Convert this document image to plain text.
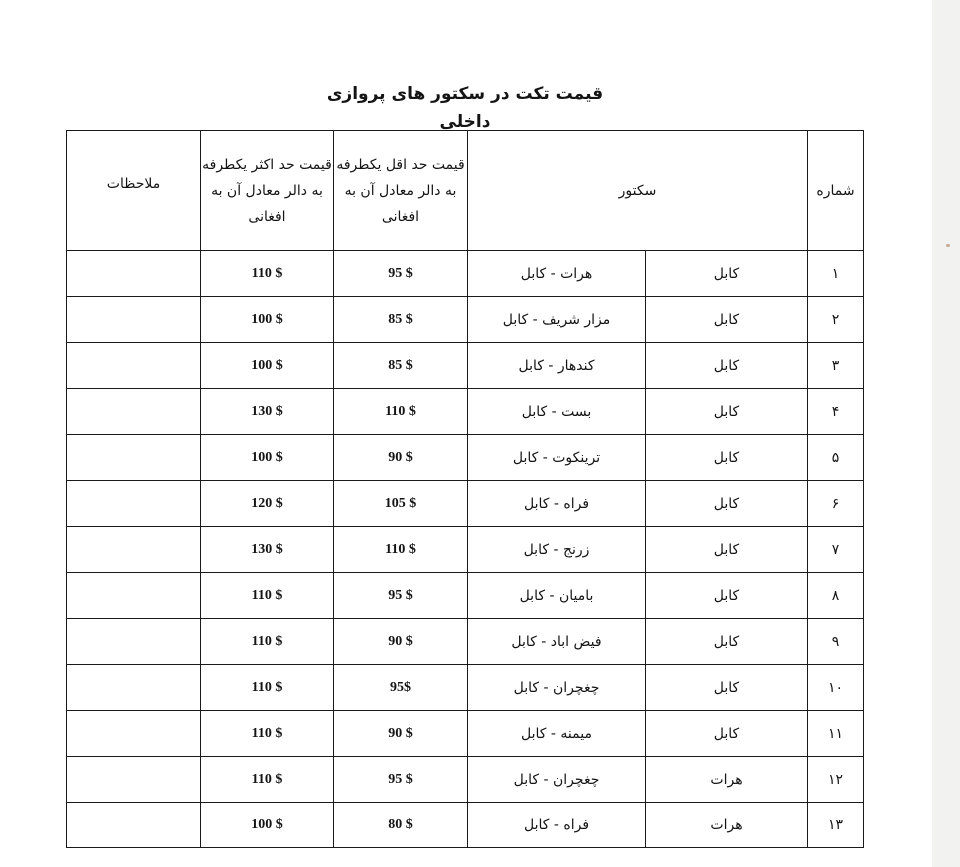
قیمت تکت در سکتور های پروازی داخلی
شماره	سکتور		قیمت حد اقل یکطرفه به دالر معادل آن به افغانی	قیمت حد اکثر یکطرفه به دالر معادل آن به افغانی	ملاحظات

۱	کابل	هرات - کابل	95 $	110 $	
۲	کابل	مزار شریف - کابل	85 $	100 $	
۳	کابل	کندهار - کابل	85 $	100 $	
۴	کابل	بست - کابل	110 $	130 $	
۵	کابل	ترینکوت - کابل	90 $	100 $	
۶	کابل	فراه - کابل	105 $	120 $	
۷	کابل	زرنج - کابل	110 $	130 $	
۸	کابل	بامیان - کابل	95 $	110 $	
۹	کابل	فیض اباد - کابل	90 $	110 $	
۱۰	کابل	چغچران - کابل	95$	110 $	
۱۱	کابل	میمنه - کابل	90 $	110 $	
۱۲	هرات	چغچران - کابل	95 $	110 $	
۱۳	هرات	فراه - کابل	80 $	100 $	
